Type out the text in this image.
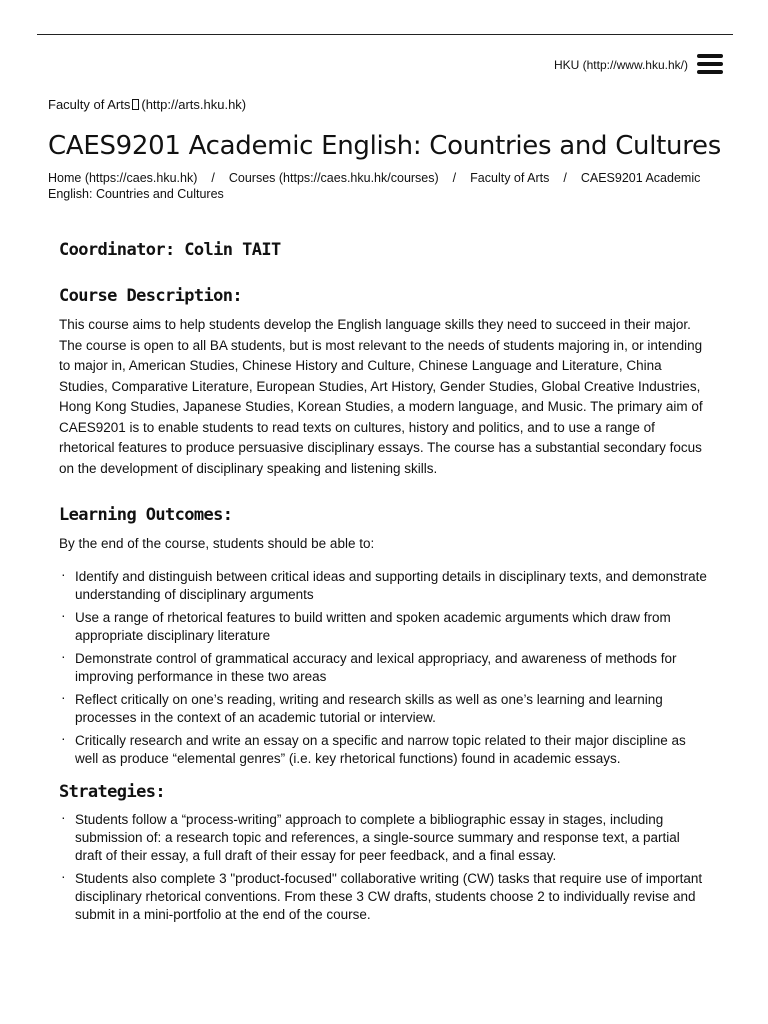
HKU (http://www.hku.hk/)
Faculty of Arts (http://arts.hku.hk)
CAES9201 Academic English: Countries and Cultures
Home (https://caes.hku.hk) / Courses (https://caes.hku.hk/courses) / Faculty of Arts / CAES9201 Academic English: Countries and Cultures
Coordinator: Colin TAIT
Course Description:

This course aims to help students develop the English language skills they need to succeed in their major. The course is open to all BA students, but is most relevant to the needs of students majoring in, or intending to major in, American Studies, Chinese History and Culture, Chinese Language and Literature, China Studies, Comparative Literature, European Studies, Art History, Gender Studies, Global Creative Industries, Hong Kong Studies, Japanese Studies, Korean Studies, a modern language, and Music. The primary aim of CAES9201 is to enable students to read texts on cultures, history and politics, and to use a range of rhetorical features to produce persuasive disciplinary essays. The course has a substantial secondary focus on the development of disciplinary speaking and listening skills.

Learning Outcomes:

By the end of the course, students should be able to:

· Identify and distinguish between critical ideas and supporting details in disciplinary texts, and demonstrate understanding of disciplinary arguments
· Use a range of rhetorical features to build written and spoken academic arguments which draw from appropriate disciplinary literature
· Demonstrate control of grammatical accuracy and lexical appropriacy, and awareness of methods for improving performance in these two areas
· Reflect critically on one’s reading, writing and research skills as well as one’s learning and learning processes in the context of an academic tutorial or interview.
· Critically research and write an essay on a specific and narrow topic related to their major discipline as well as produce “elemental genres” (i.e. key rhetorical functions) found in academic essays.
Strategies:
· Students follow a “process-writing” approach to complete a bibliographic essay in stages, including submission of: a research topic and references, a single-source summary and response text, a partial draft of their essay, a full draft of their essay for peer feedback, and a final essay.
· Students also complete 3 "product-focused" collaborative writing (CW) tasks that require use of important disciplinary rhetorical conventions. From these 3 CW drafts, students choose 2 to individually revise and submit in a mini-portfolio at the end of the course.
